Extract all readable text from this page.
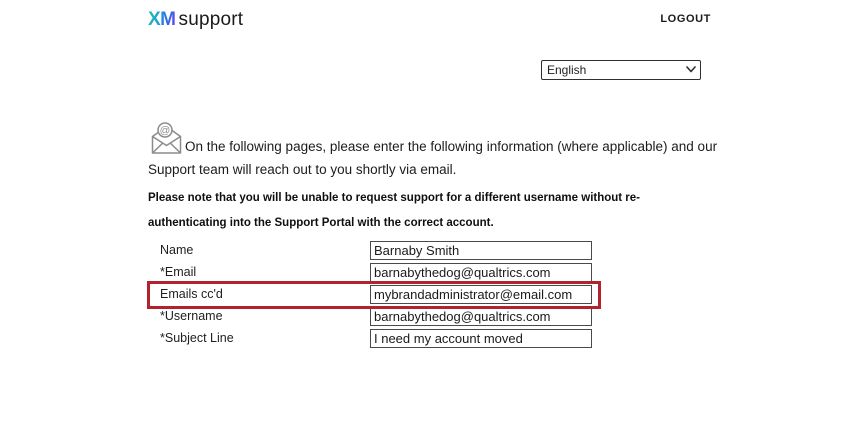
XM support	LOGOUT
English
@
On the following pages, please enter the following information (where applicable) and our Support team will reach out to you shortly via email.
Please note that you will be unable to request support for a different username without re-authenticating into the Support Portal with the correct account.
Name
Barnaby Smith
*Email
barnabythedog@qualtrics.com
Emails cc'd
mybrandadministrator@email.com
*Username
barnabythedog@qualtrics.com
*Subject Line
I need my account moved
